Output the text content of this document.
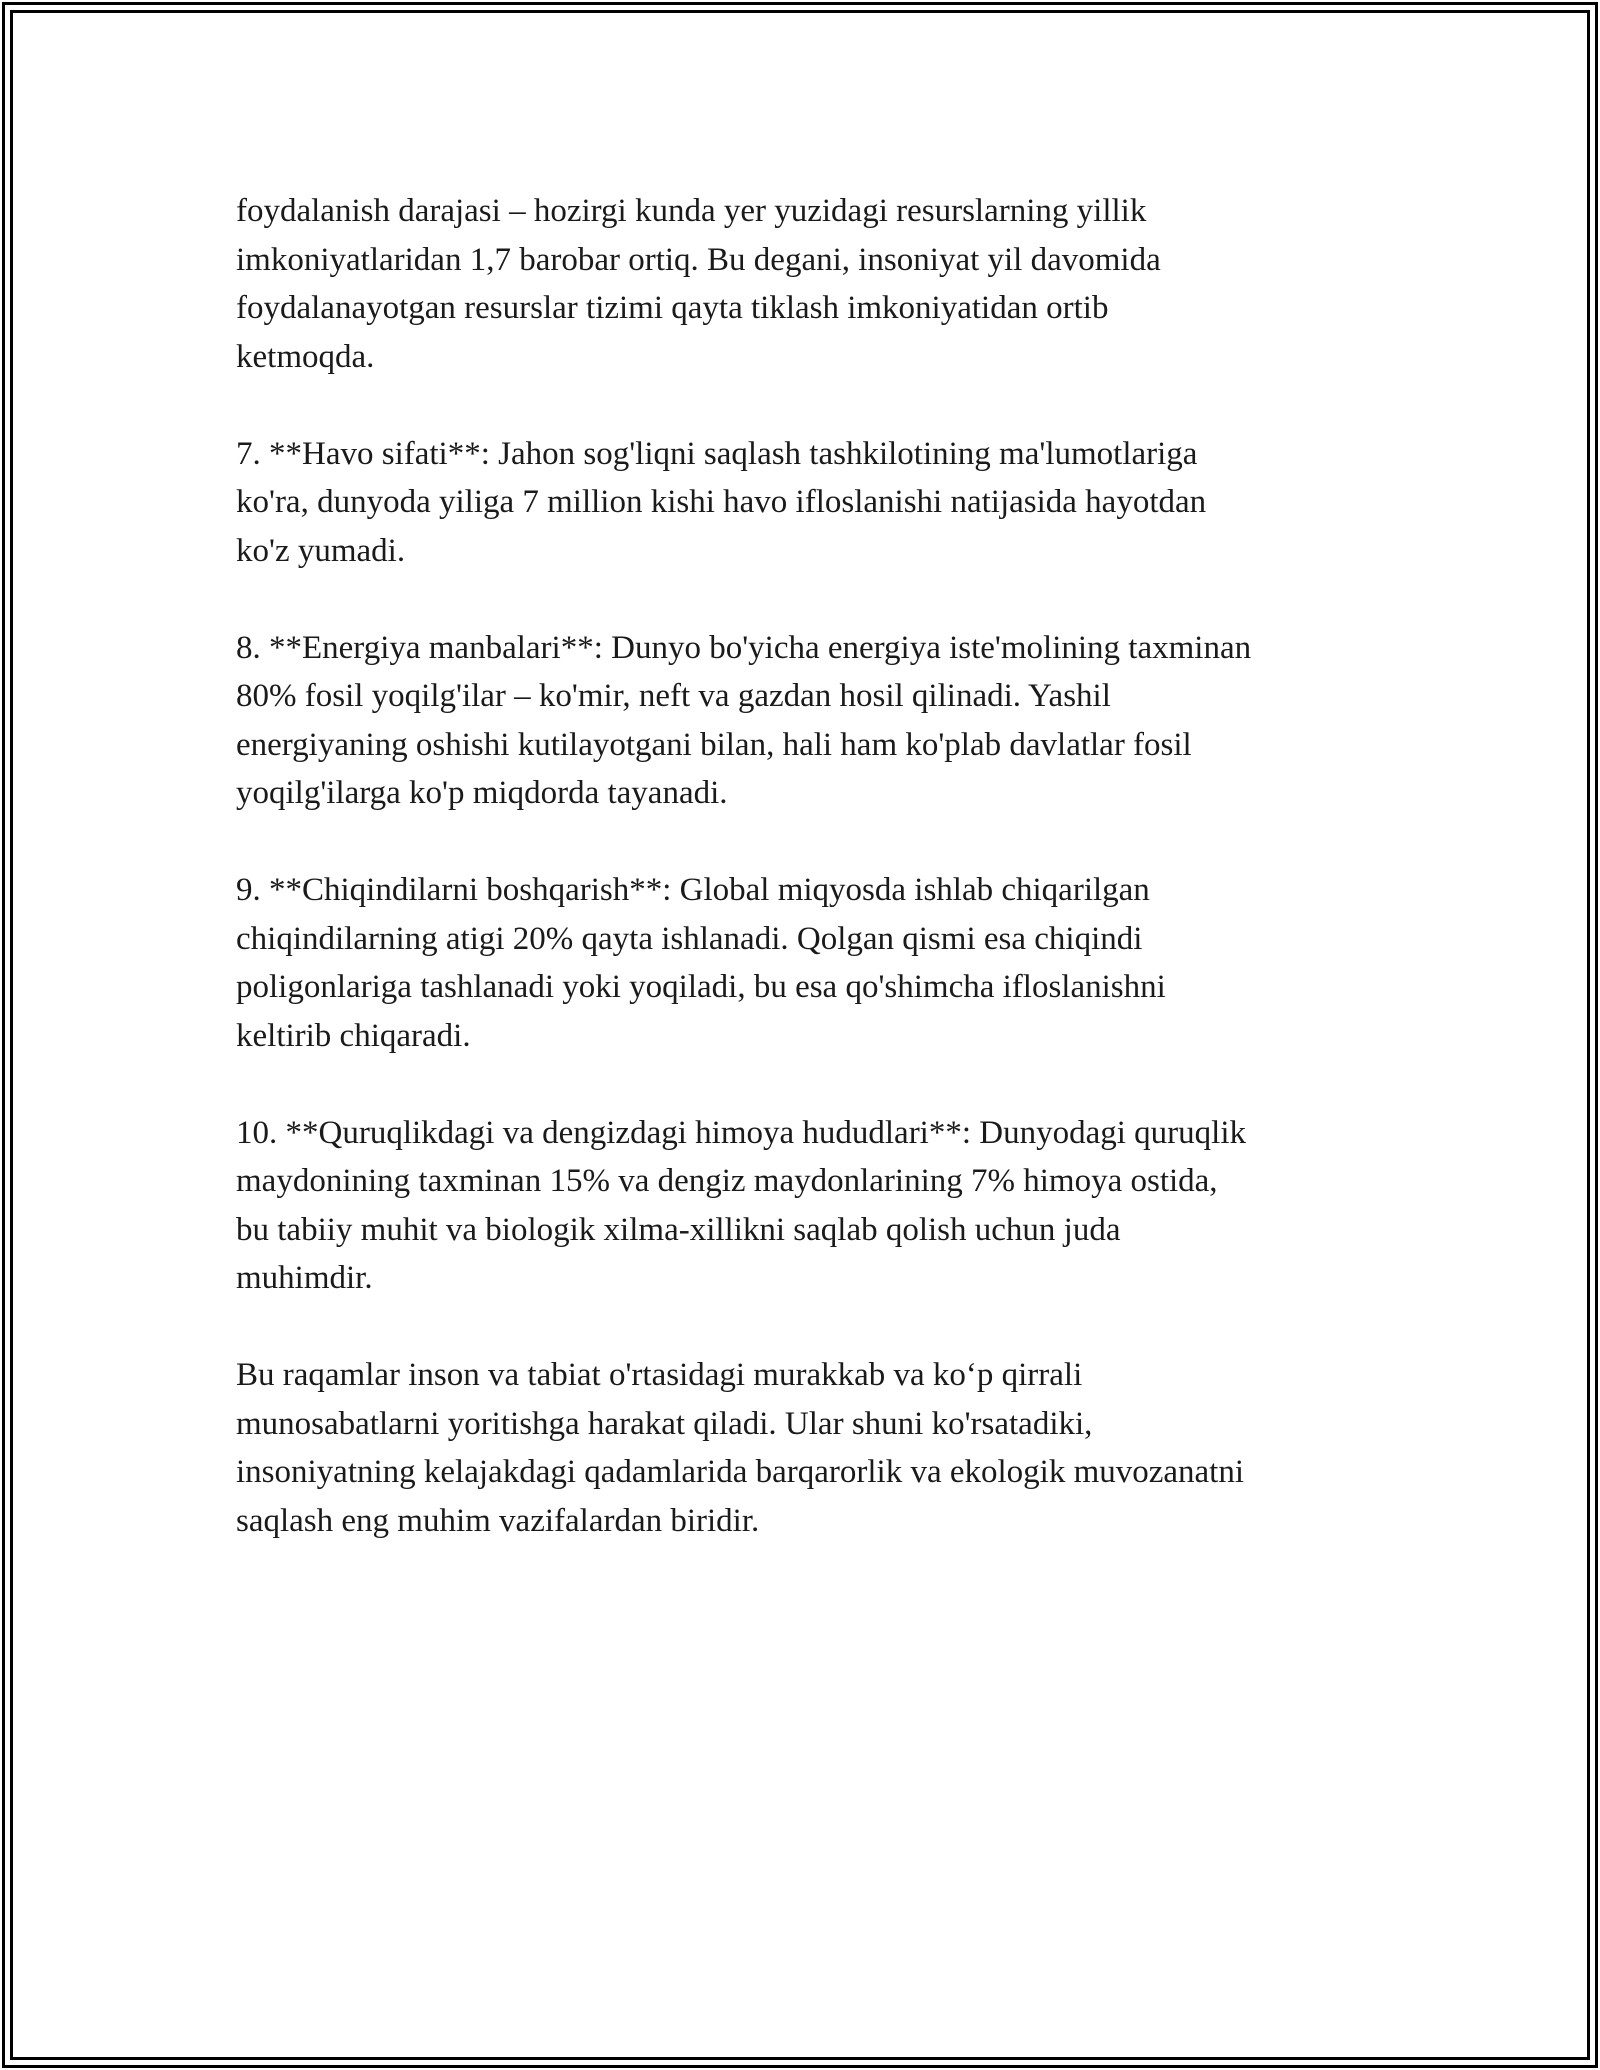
foydalanish darajasi – hozirgi kunda yer yuzidagi resurslarning yillik
imkoniyatlaridan 1,7 barobar ortiq. Bu degani, insoniyat yil davomida
foydalanayotgan resurslar tizimi qayta tiklash imkoniyatidan ortib
ketmoqda.

7. **Havo sifati**: Jahon sog'liqni saqlash tashkilotining ma'lumotlariga
ko'ra, dunyoda yiliga 7 million kishi havo ifloslanishi natijasida hayotdan
ko'z yumadi.

8. **Energiya manbalari**: Dunyo bo'yicha energiya iste'molining taxminan
80% fosil yoqilg'ilar – ko'mir, neft va gazdan hosil qilinadi. Yashil
energiyaning oshishi kutilayotgani bilan, hali ham ko'plab davlatlar fosil
yoqilg'ilarga ko'p miqdorda tayanadi.

9. **Chiqindilarni boshqarish**: Global miqyosda ishlab chiqarilgan
chiqindilarning atigi 20% qayta ishlanadi. Qolgan qismi esa chiqindi
poligonlariga tashlanadi yoki yoqiladi, bu esa qo'shimcha ifloslanishni
keltirib chiqaradi.

10. **Quruqlikdagi va dengizdagi himoya hududlari**: Dunyodagi quruqlik
maydonining taxminan 15% va dengiz maydonlarining 7% himoya ostida,
bu tabiiy muhit va biologik xilma-xillikni saqlab qolish uchun juda
muhimdir.

Bu raqamlar inson va tabiat o'rtasidagi murakkab va ko‘p qirrali
munosabatlarni yoritishga harakat qiladi. Ular shuni ko'rsatadiki,
insoniyatning kelajakdagi qadamlarida barqarorlik va ekologik muvozanatni
saqlash eng muhim vazifalardan biridir.
